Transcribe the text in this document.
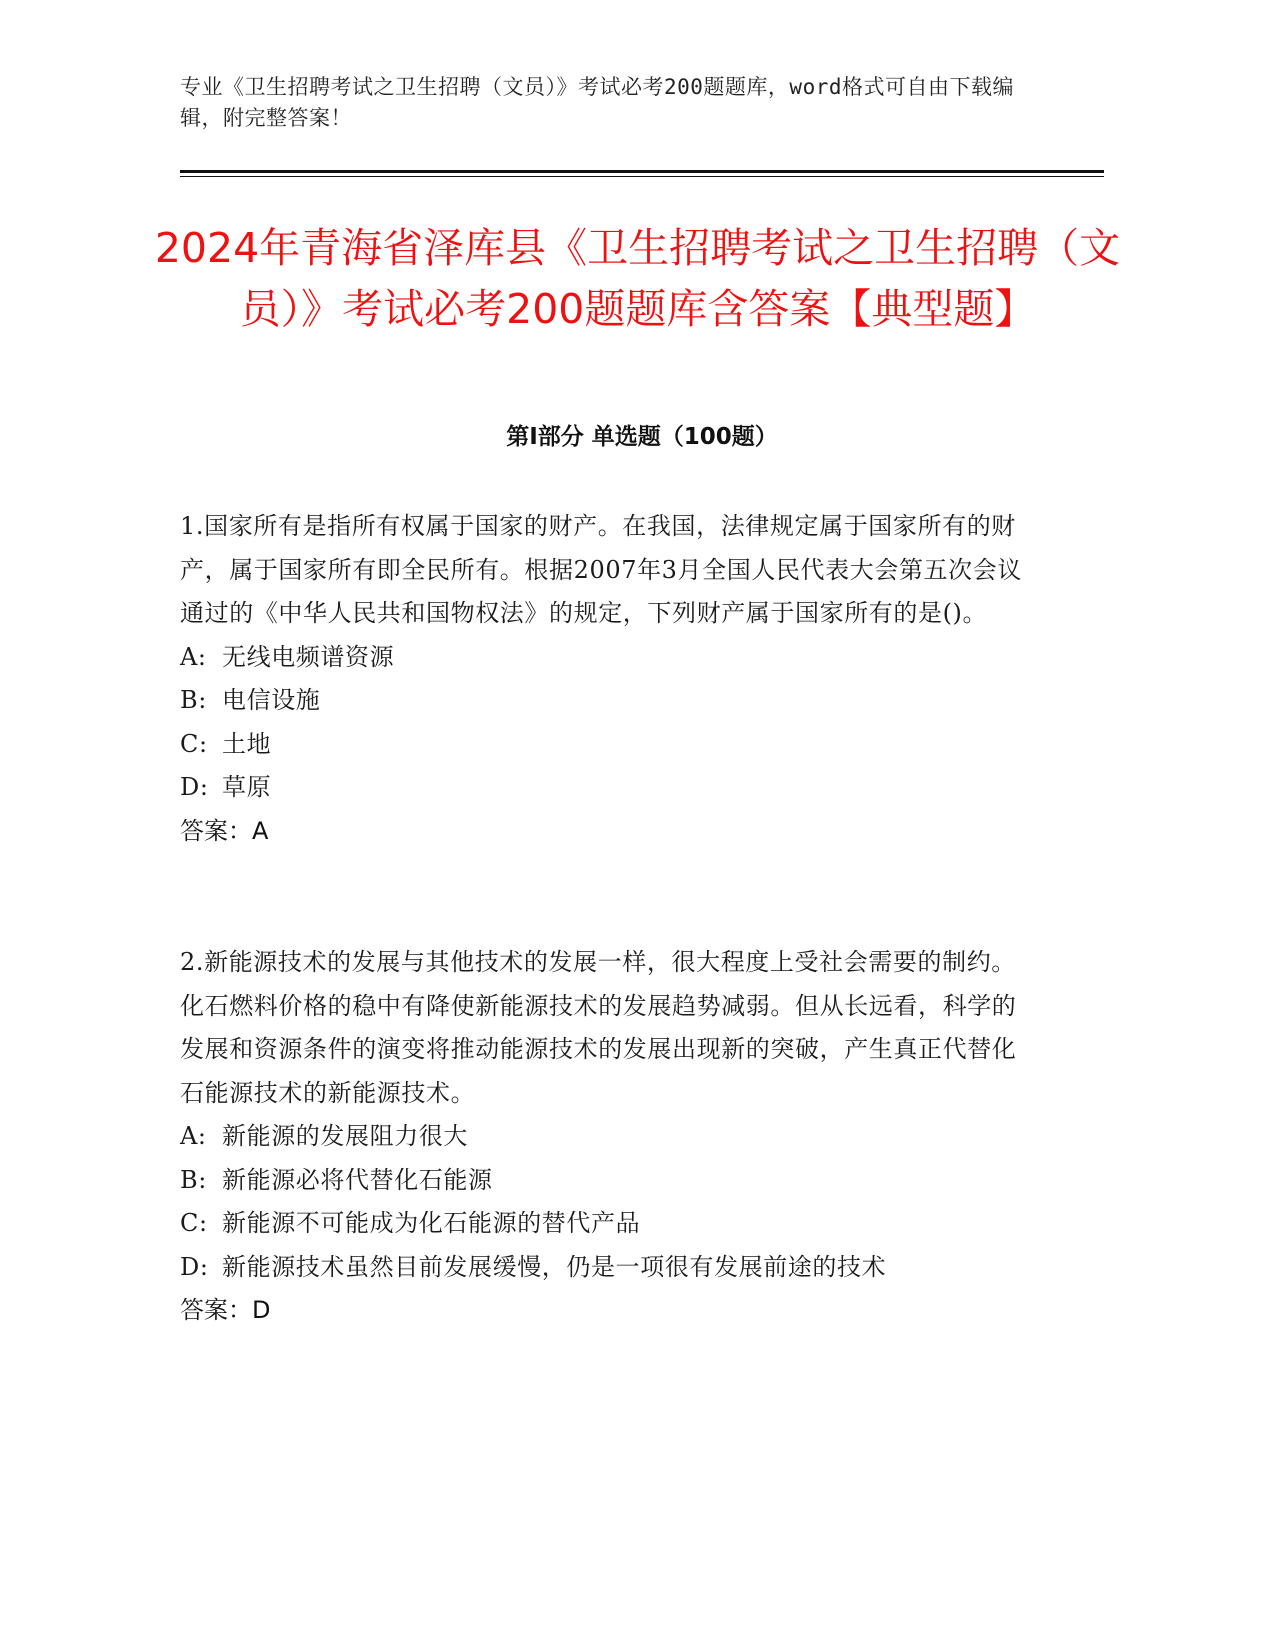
专业《卫生招聘考试之卫生招聘（文员）》考试必考200题题库，word格式可自由下载编辑，附完整答案！
2024年青海省泽库县《卫生招聘考试之卫生招聘（文员）》考试必考200题题库含答案【典型题】
第I部分 单选题（100题）

1.国家所有是指所有权属于国家的财产。在我国，法律规定属于国家所有的财产，属于国家所有即全民所有。根据2007年3月全国人民代表大会第五次会议通过的《中华人民共和国物权法》的规定，下列财产属于国家所有的是()。

A: 无线电频谱资源

B: 电信设施

C: 土地

D: 草原

答案：A

2.新能源技术的发展与其他技术的发展一样，很大程度上受社会需要的制约。化石燃料价格的稳中有降使新能源技术的发展趋势减弱。但从长远看，科学的发展和资源条件的演变将推动能源技术的发展出现新的突破，产生真正代替化石能源技术的新能源技术。

A: 新能源的发展阻力很大

B: 新能源必将代替化石能源

C: 新能源不可能成为化石能源的替代产品

D: 新能源技术虽然目前发展缓慢，仍是一项很有发展前途的技术

答案：D
